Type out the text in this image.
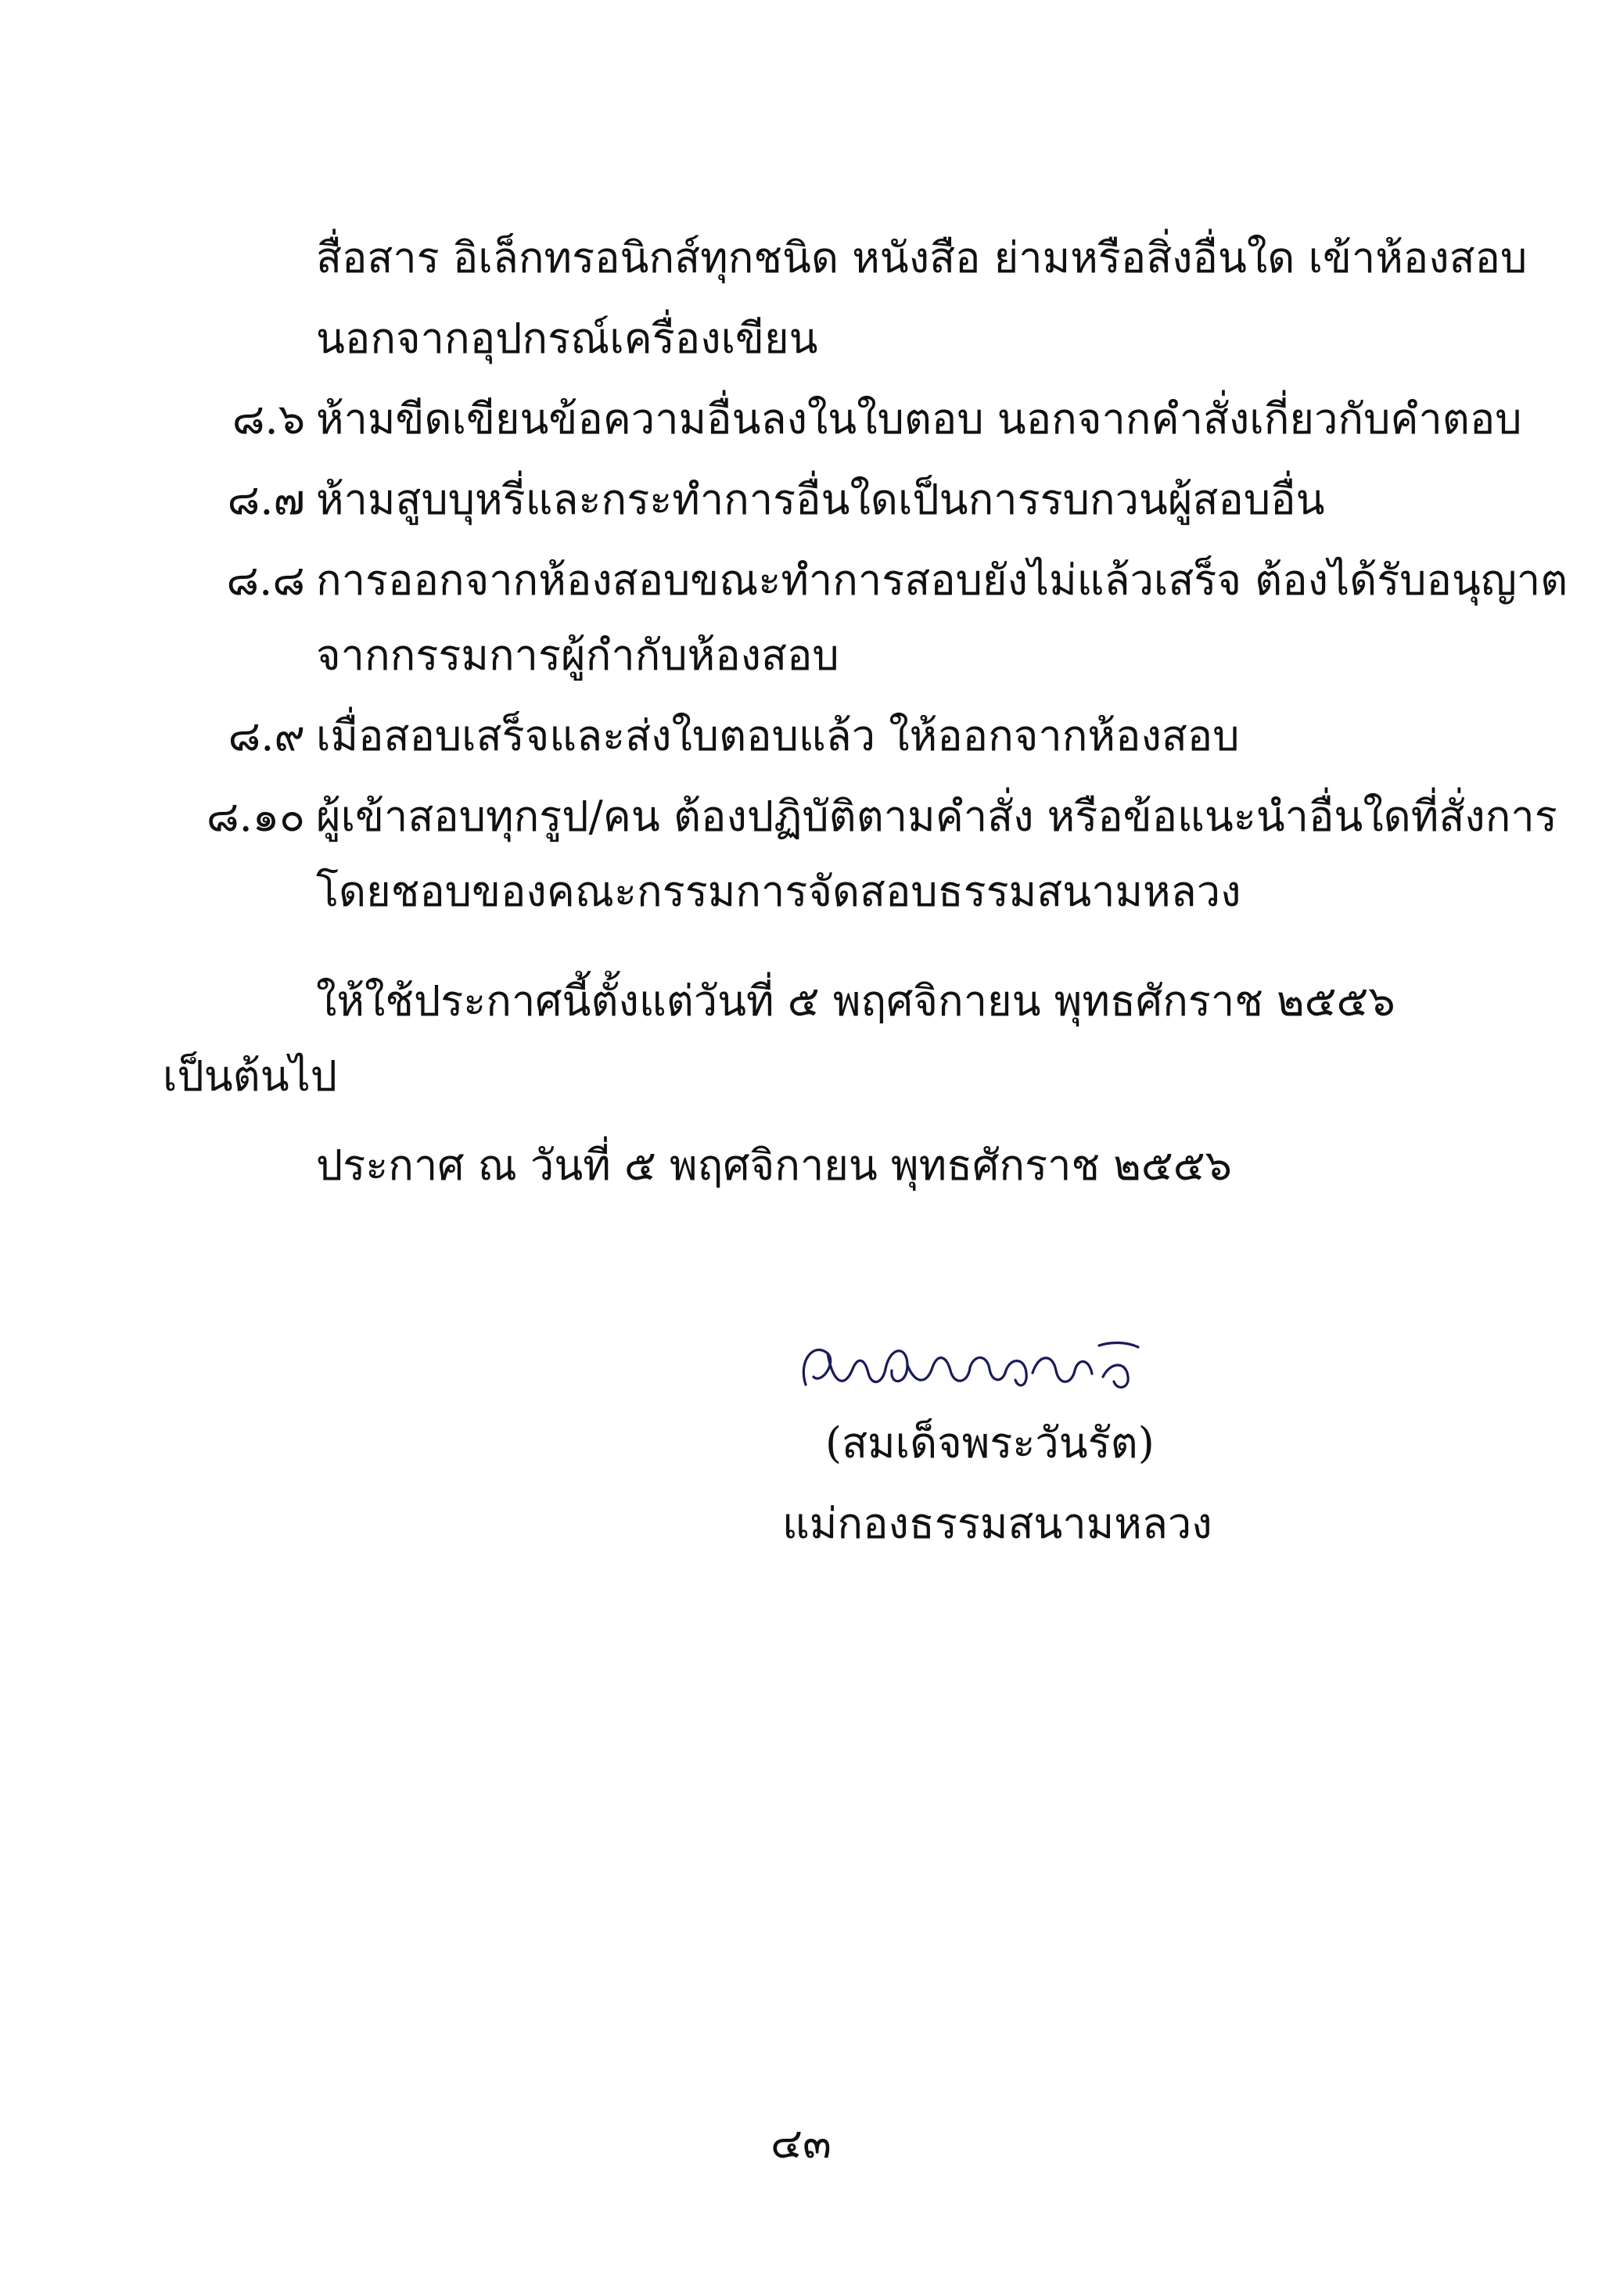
สื่อสาร อิเล็กทรอนิกส์ทุกชนิด หนังสือ ย่ามหรือสิ่งอื่นใด เข้าห้องสอบ
นอกจากอุปกรณ์เครื่องเขียน
๘.๖ ห้ามขีดเขียนข้อความอื่นลงในใบตอบ นอกจากคำสั่งเกี่ยวกับคำตอบ
๘.๗ ห้ามสูบบุหรี่และกระทำการอื่นใดเป็นการรบกวนผู้สอบอื่น
๘.๘ การออกจากห้องสอบขณะทำการสอบยังไม่แล้วเสร็จ ต้องได้รับอนุญาต
จากกรรมการผู้กำกับห้องสอบ
๘.๙ เมื่อสอบเสร็จและส่งใบตอบแล้ว ให้ออกจากห้องสอบ
๘.๑๐ ผู้เข้าสอบทุกรูป/คน ต้องปฏิบัติตามคำสั่ง หรือข้อแนะนำอื่นใดที่สั่งการ
โดยชอบของคณะกรรมการจัดสอบธรรมสนามหลวง
ให้ใช้ประกาศนี้ตั้งแต่วันที่ ๕ พฤศจิกายน พุทธศักราช ๒๕๕๖
เป็นต้นไป
ประกาศ ณ วันที่ ๕ พฤศจิกายน พุทธศักราช ๒๕๕๖
(สมเด็จพระวันรัต)
แม่กองธรรมสนามหลวง
๔๓
